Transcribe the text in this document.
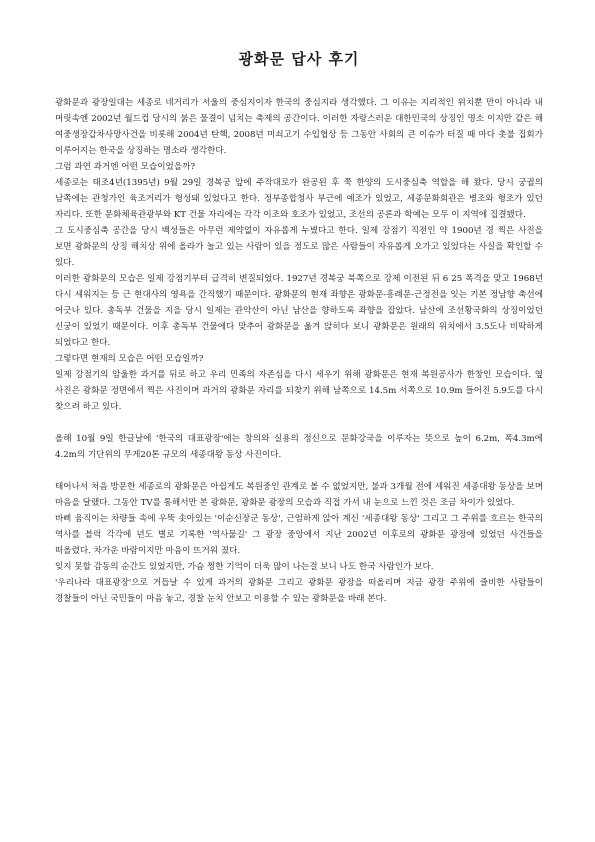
광화문 답사 후기

광화문과 광장일대는 세종로 네거리가 서울의 중심지이자 한국의 중심지라 생각했다. 그 이유는 지리적인 위치뿐 만이 아니라 내 머릿속엔 2002년 월드컵 당시의 붉은 물결이 넘치는 축제의 공간이다. 이러한 자랑스러운 대한민국의 상징인 명소 이지만 같은 해 여중생장갑차사망사건을 비롯해 2004년 탄핵, 2008년 미쇠고기 수입협상 등 그동안 사회의 큰 이슈가 터질 때 마다 촛불 집회가 이루어지는 한국을 상징하는 명소라 생각한다.

그럼 과연 과거엔 어떤 모습이었을까?

세종로는 태조4년(1395년) 9월 29일 경복궁 앞에 주작대로가 완공된 후 쭉 한양의 도시중심축 역할을 해 왔다. 당시 궁궐의 남쪽에는 관청가인 육조거리가 형성돼 있었다고 한다. 정부종합청사 부근에 예조가 있었고, 세종문화회관은 병조와 형조가 있던 자리다. 또한 문화체육관광부와 KT 건물 자리에는 각각 이조와 호조가 있었고, 조선의 공론과 학예는 모두 이 지역에 집결됐다.

그 도시중심축 공간을 당시 백성들은 아무런 제약없이 자유롭게 누볐다고 한다. 일제 강점기 직전인 약 1900년 경 찍은 사진을 보면 광화문의 상징 해치상 위에 올라가 놀고 있는 사람이 있을 정도로 많은 사람들이 자유롭게 오가고 있었다는 사실을 확인할 수 있다.

이러한 광화문의 모습은 일제 강점기부터 급격히 변질되었다. 1927년 경복궁 북쪽으로 강제 이전된 뒤 6 25 폭격을 맞고 1968년 다시 세워지는 등 근 현대사의 영욕을 간직했기 때문이다. 광화문의 현재 좌향은 광화문-흥례문-근정전을 잇는 기본 정남향 축선에 어긋나 있다. 총독부 건물을 지을 당시 일제는 관악산이 아닌 남산을 향하도록 좌향을 잡았다. 남산에 조선황국화의 상징이었던 신궁이 있었기 때문이다. 이후 총독부 건물에다 맞추어 광화문을 옮겨 앉히다 보니 광화문은 원래의 위치에서 3.5도나 비딱하게 되었다고 한다.

그렇다면 현재의 모습은 어떤 모습일까?

일제 강점기의 암울한 과거를 뒤로 하고 우리 민족의 자존심을 다시 세우기 위해 광화문은 현재 복원공사가 한창인 모습이다. 옆 사진은 광화문 정면에서 찍은 사진이며 과거의 광화문 자리를 되찾기 위해 남쪽으로 14.5m 서쪽으로 10.9m 들어진 5.9도를 다시 찾으려 하고 있다.

올해 10월 9일 한글날에 '한국의 대표광장'에는 창의와 실용의 정신으로 문화강국을 이루자는 뜻으로 높이 6.2m, 폭4.3m에 4.2m의 기단위의 무게20톤 규모의 세종대왕 동상 사진이다.

태어나서 처음 방문한 세종로의 광화문은 아쉽게도 복원중인 관계로 볼 수 없었지만, 불과 3개월 전에 세워진 세종대왕 동상을 보며 마음을 달랬다. 그동안 TV를 통해서만 본 광화문, 광화문 광장의 모습과 직접 가서 내 눈으로 느낀 것은 조금 차이가 있었다.

바삐 움직이는 차량들 속에 우뚝 솟아있는 '이순신장군 동상', 근엄하게 앉아 계신 '세종대왕 동상' 그리고 그 주위를 흐르는 한국의 역사를 블럭 각각에 년도 별로 기록한 '역사물길' 그 광장 중앙에서 지난 2002년 이후로의 광화문 광장에 있었던 사건들을 떠올렸다. 차가운 바람이지만 마음이 뜨거워 졌다.

잊지 못할 감동의 순간도 있었지만, 가슴 찡한 기억이 더욱 많이 나는걸 보니 나도 한국 사람인가 보다.

'우리나라 대표광장'으로 거듭날 수 있게 과거의 광화문 그리고 광화문 광장을 떠올리며 지금 광장 주위에 즐비한 사람들이 경찰들이 아닌 국민들이 마음 놓고, 경찰 눈치 안보고 이용할 수 있는 광화문을 바래 본다.
